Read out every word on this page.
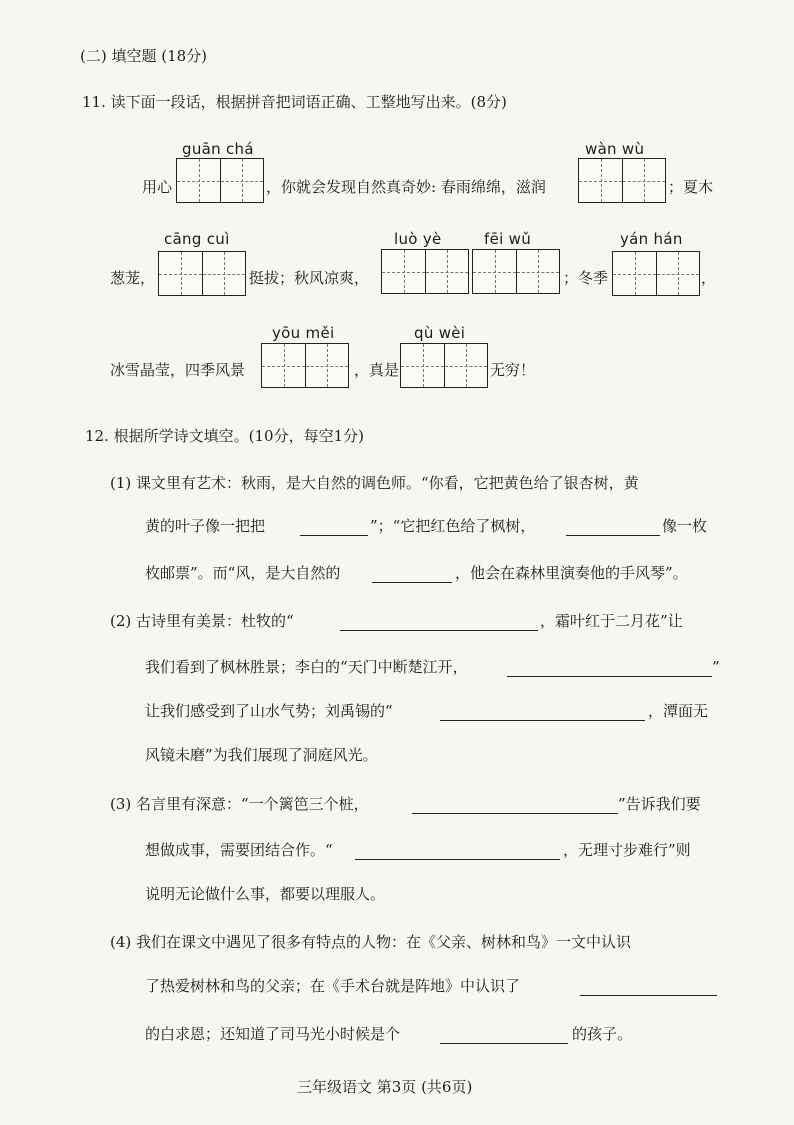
(二) 填空题 (18分)
11. 读下面一段话，根据拼音把词语正确、工整地写出来。(8分)
guān chá	wàn wù
用心	，你就会发现自然真奇妙: 春雨绵绵，滋润	；夏木
cāng cuì	luò yè	fēi wǔ	yán hán
葱茏，	挺拔；秋风凉爽，	；冬季	，
yōu měi	qù wèi
冰雪晶莹，四季风景	，真是	无穷！
12. 根据所学诗文填空。(10分，每空1分)
(1) 课文里有艺术：秋雨，是大自然的调色师。“你看，它把黄色给了银杏树，黄
黄的叶子像一把把	”；“它把红色给了枫树，	像一枚
枚邮票”。而“风，是大自然的	，他会在森林里演奏他的手风琴”。
(2) 古诗里有美景：杜牧的“	，霜叶红于二月花”让
我们看到了枫林胜景；李白的“天门中断楚江开，	”
让我们感受到了山水气势；刘禹锡的“	，潭面无
风镜未磨”为我们展现了洞庭风光。
(3) 名言里有深意：“一个篱笆三个桩，	”告诉我们要
想做成事，需要团结合作。“	，无理寸步难行”则
说明无论做什么事，都要以理服人。
(4) 我们在课文中遇见了很多有特点的人物：在《父亲、树林和鸟》一文中认识
了热爱树林和鸟的父亲；在《手术台就是阵地》中认识了
的白求恩；还知道了司马光小时候是个	的孩子。
三年级语文 第3页 (共6页)
